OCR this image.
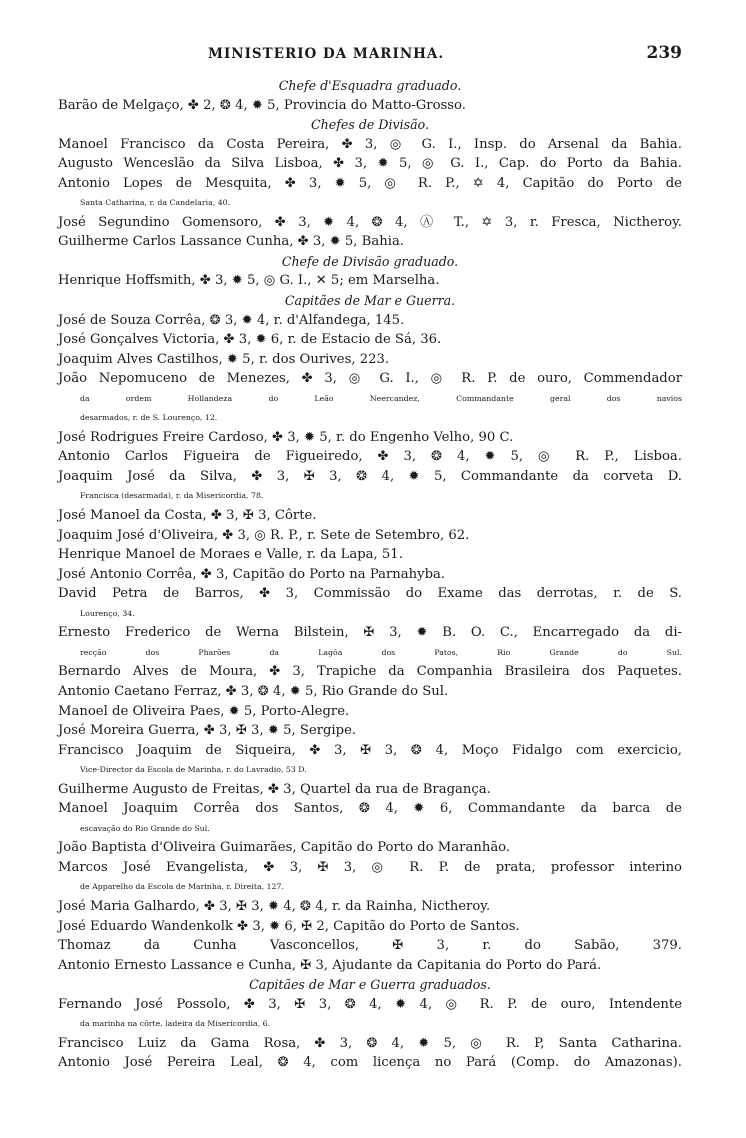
MINISTERIO DA MARINHA.	239
Chefe d'Esquadra graduado.
Barão de Melgaço, ✤ 2, ❂ 4, ✹ 5, Provincia do Matto-Grosso.
Chefes de Divisão.
Manoel Francisco da Costa Pereira, ✤ 3, ◎ G. I., Insp. do Arsenal da Bahia.
Augusto Wenceslão da Silva Lisboa, ✤ 3, ✹ 5, ◎ G. I., Cap. do Porto da Bahia.
Antonio Lopes de Mesquita, ✤ 3, ✹ 5, ◎ R. P., ✡ 4, Capitão do Porto de
Santa Catharina, r. da Candelaria, 40.
José Segundino Gomensoro, ✤ 3, ✹ 4, ❂ 4, Ⓐ T., ✡ 3, r. Fresca, Nictheroy.
Guilherme Carlos Lassance Cunha, ✤ 3, ✹ 5, Bahia.
Chefe de Divisão graduado.
Henrique Hoffsmith, ✤ 3, ✹ 5, ◎ G. I., ✕ 5; em Marselha.
Capitães de Mar e Guerra.
José de Souza Corrêa, ❂ 3, ✹ 4, r. d'Alfandega, 145.
José Gonçalves Victoria, ✤ 3, ✹ 6, r. de Estacio de Sá, 36.
Joaquim Alves Castilhos, ✹ 5, r. dos Ourives, 223.
João Nepomuceno de Menezes, ✤ 3, ◎ G. I., ◎ R. P. de ouro, Commendador
da ordem Hollandeza do Leão Neercandez, Commandante geral dos navios
desarmados, r. de S. Lourenço, 12.
José Rodrigues Freire Cardoso, ✤ 3, ✹ 5, r. do Engenho Velho, 90 C.
Antonio Carlos Figueira de Figueiredo, ✤ 3, ❂ 4, ✹ 5, ◎ R. P., Lisboa.
Joaquim José da Silva, ✤ 3, ✠ 3, ❂ 4, ✹ 5, Commandante da corveta D.
Francisca (desarmada), r. da Misericordia, 78.
José Manoel da Costa, ✤ 3, ✠ 3, Côrte.
Joaquim José d'Oliveira, ✤ 3, ◎ R. P., r. Sete de Setembro, 62.
Henrique Manoel de Moraes e Valle, r. da Lapa, 51.
José Antonio Corrêa, ✤ 3, Capitão do Porto na Parnahyba.
David Petra de Barros, ✤ 3, Commissão do Exame das derrotas, r. de S.
Lourenço, 34.
Ernesto Frederico de Werna Bilstein, ✠ 3, ✹ B. O. C., Encarregado da di-
recção dos Pharões da Lagôa dos Patos, Rio Grande do Sul.
Bernardo Alves de Moura, ✤ 3, Trapiche da Companhia Brasileira dos Paquetes.
Antonio Caetano Ferraz, ✤ 3, ❂ 4, ✹ 5, Rio Grande do Sul.
Manoel de Oliveira Paes, ✹ 5, Porto-Alegre.
José Moreira Guerra, ✤ 3, ✠ 3, ✹ 5, Sergipe.
Francisco Joaquim de Siqueira, ✤ 3, ✠ 3, ❂ 4, Moço Fidalgo com exercicio,
Vice-Director da Escola de Marinha, r. do Lavradio, 53 D.
Guilherme Augusto de Freitas, ✤ 3, Quartel da rua de Bragança.
Manoel Joaquim Corrêa dos Santos, ❂ 4, ✹ 6, Commandante da barca de
escavação do Rio Grande do Sul.
João Baptista d'Oliveira Guimarães, Capitão do Porto do Maranhão.
Marcos José Evangelista, ✤ 3, ✠ 3, ◎ R. P. de prata, professor interino
de Apparelho da Escola de Marinha, r. Direita, 127.
José Maria Galhardo, ✤ 3, ✠ 3, ✹ 4, ❂ 4, r. da Rainha, Nictheroy.
José Eduardo Wandenkolk ✤ 3, ✹ 6, ✠ 2, Capitão do Porto de Santos.
Thomaz da Cunha Vasconcellos, ✠ 3, r. do Sabão, 379.
Antonio Ernesto Lassance e Cunha, ✠ 3, Ajudante da Capitania do Porto do Pará.
Capitães de Mar e Guerra graduados.
Fernando José Possolo, ✤ 3, ✠ 3, ❂ 4, ✹ 4, ◎ R. P. de ouro, Intendente
da marinha na côrte, ladeira da Misericordia, 6.
Francisco Luiz da Gama Rosa, ✤ 3, ❂ 4, ✹ 5, ◎ R. P, Santa Catharina.
Antonio José Pereira Leal, ❂ 4, com licença no Pará (Comp. do Amazonas).
